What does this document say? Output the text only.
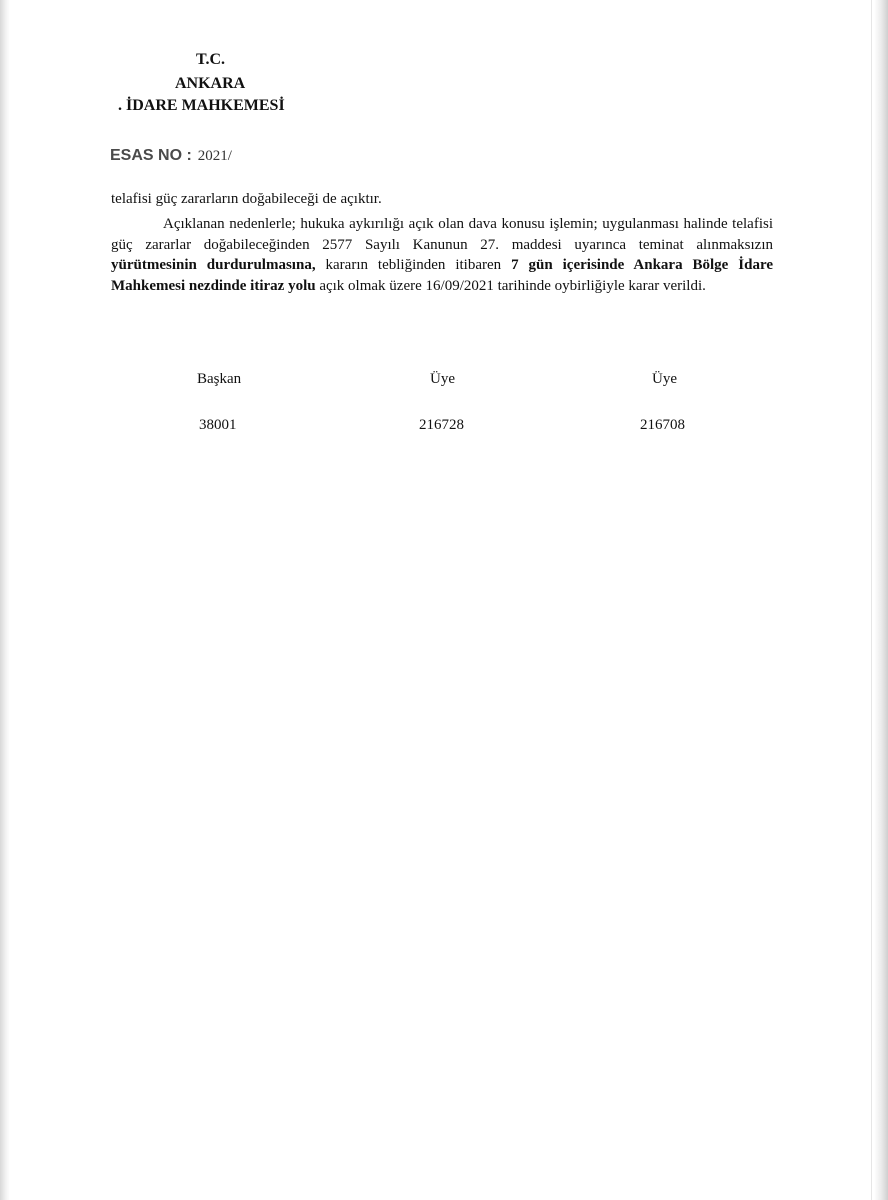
T.C.
ANKARA
. İDARE MAHKEMESİ
ESAS NO : 2021/
telafisi güç zararların doğabileceği de açıktır.
Açıklanan nedenlerle; hukuka aykırılığı açık olan dava konusu işlemin; uygulanması halinde telafisi güç zararlar doğabileceğinden 2577 Sayılı Kanunun 27. maddesi uyarınca teminat alınmaksızın yürütmesinin durdurulmasına, kararın tebliğinden itibaren 7 gün içerisinde Ankara Bölge İdare Mahkemesi nezdinde itiraz yolu açık olmak üzere 16/09/2021 tarihinde oybirliğiyle karar verildi.
Başkan	Üye	Üye
38001	216728	216708
